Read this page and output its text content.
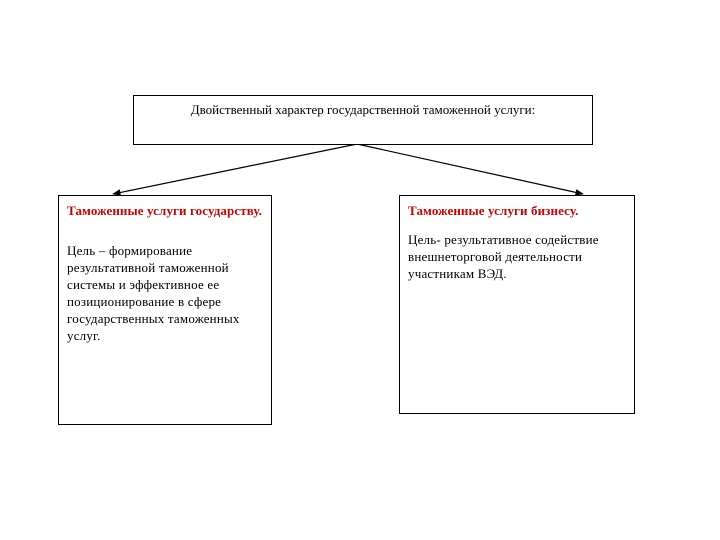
Двойственный характер государственной таможенной услуги:
Таможенные услуги государству.
Цель – формирование результативной таможенной системы и эффективное ее позиционирование в сфере государственных таможенных услуг.
Таможенные услуги бизнесу.
Цель- результативное содействие внешнеторговой деятельности участникам ВЭД.
